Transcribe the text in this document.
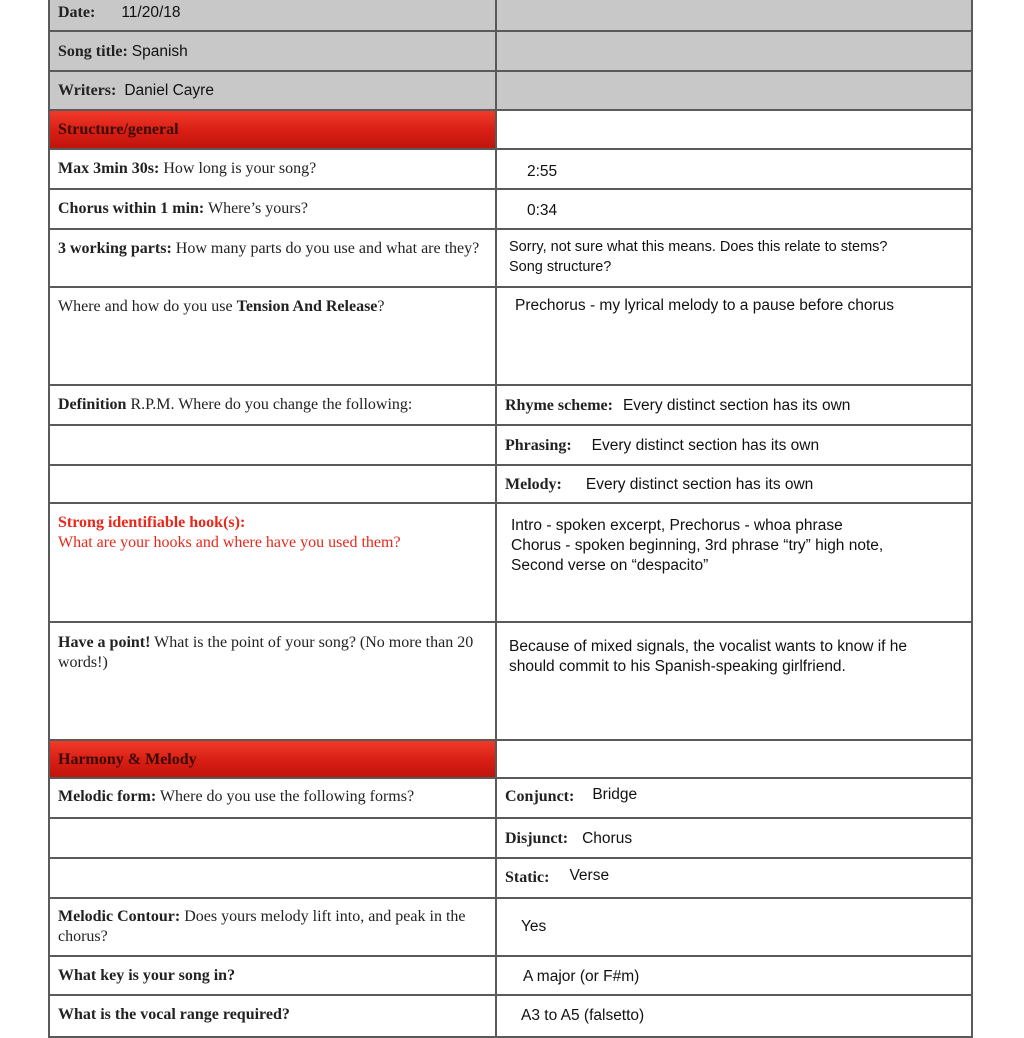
Date: 11/20/18	

Song title: Spanish	

Writers: Daniel Cayre	

Structure/general	

Max 3min 30s: How long is your song?	2:55

Chorus within 1 min: Where’s yours?	0:34

3 working parts: How many parts do you use and what are they?	Sorry, not sure what this means. Does this relate to stems?
Song structure?

Where and how do you use Tension And Release?	Prechorus - my lyrical melody to a pause before chorus

Definition R.P.M. Where do you change the following:	Rhyme scheme: Every distinct section has its own

	Phrasing: Every distinct section has its own

	Melody: Every distinct section has its own

Strong identifiable hook(s):
What are your hooks and where have you used them?	Intro - spoken excerpt, Prechorus - whoa phrase
Chorus - spoken beginning, 3rd phrase “try” high note,
Second verse on “despacito”

Have a point! What is the point of your song? (No more than 20 words!)	Because of mixed signals, the vocalist wants to know if he
should commit to his Spanish-speaking girlfriend.

Harmony & Melody	

Melodic form: Where do you use the following forms?	Conjunct: Bridge

	Disjunct: Chorus

	Static: Verse

Melodic Contour: Does yours melody lift into, and peak in the chorus?	Yes

What key is your song in?	A major (or F#m)

What is the vocal range required?	A3 to A5 (falsetto)
